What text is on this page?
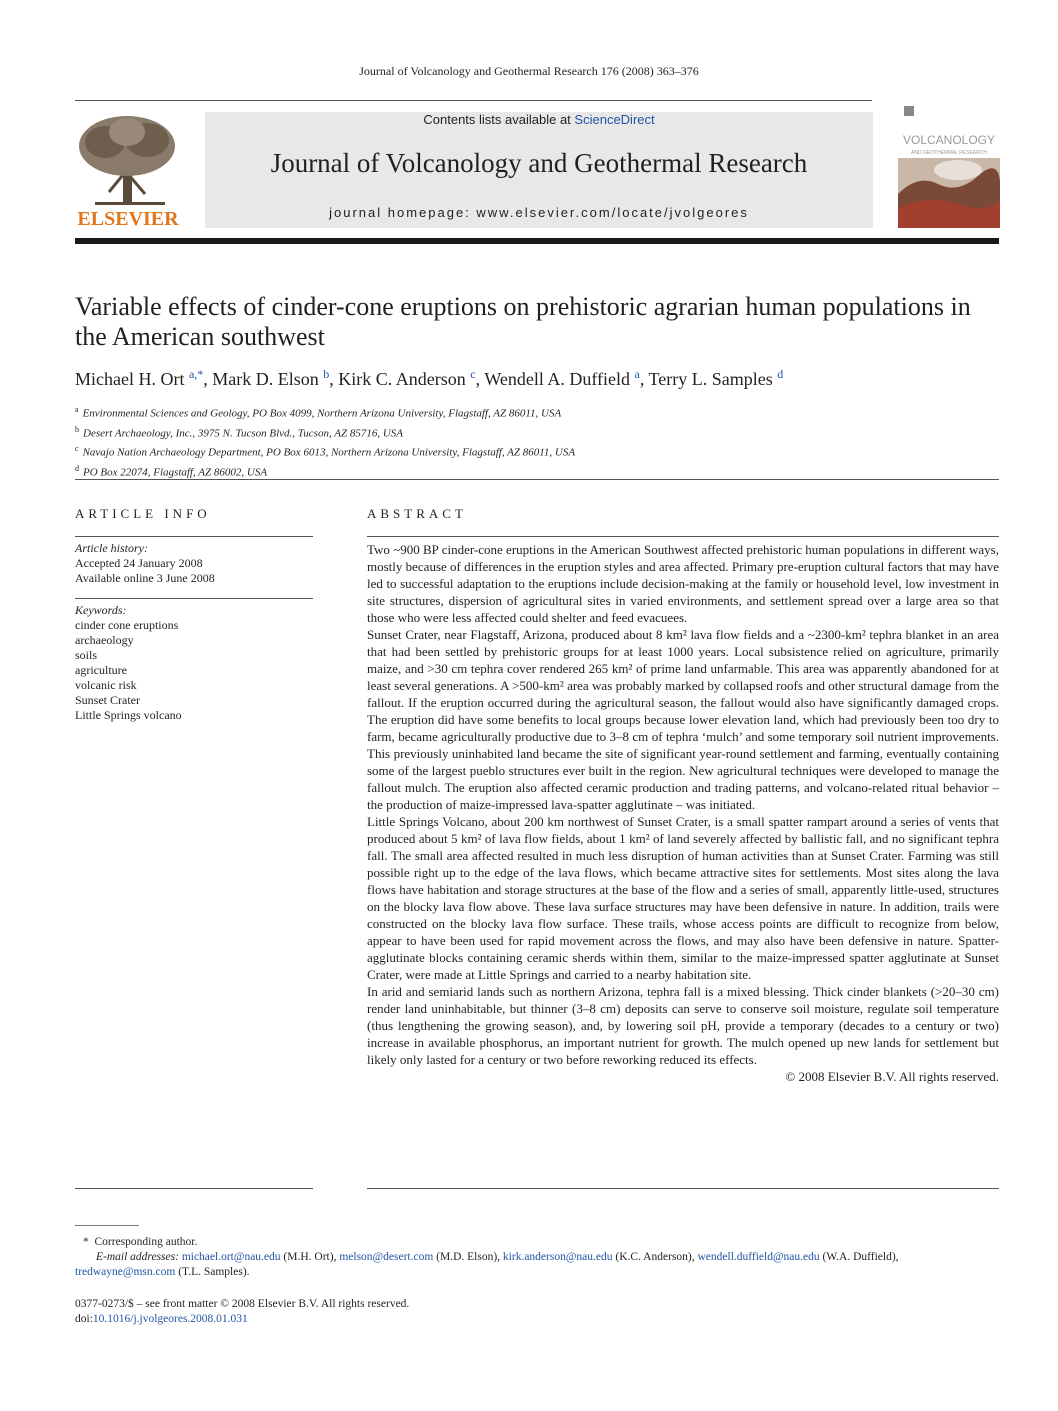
Journal of Volcanology and Geothermal Research 176 (2008) 363–376
ELSEVIER
Contents lists available at ScienceDirect
Journal of Volcanology and Geothermal Research
journal homepage: www.elsevier.com/locate/jvolgeores
VOLCANOLOGY
AND GEOTHERMAL RESEARCH
Variable effects of cinder-cone eruptions on prehistoric agrarian human populations in the American southwest
Michael H. Ort $^{a,*}$, Mark D. Elson $^b$, Kirk C. Anderson $^c$, Wendell A. Duffield $^a$, Terry L. Samples $^d$
$^a$ Environmental Sciences and Geology, PO Box 4099, Northern Arizona University, Flagstaff, AZ 86011, USA
$^b$ Desert Archaeology, Inc., 3975 N. Tucson Blvd., Tucson, AZ 85716, USA
$^c$ Navajo Nation Archaeology Department, PO Box 6013, Northern Arizona University, Flagstaff, AZ 86011, USA
$^d$ PO Box 22074, Flagstaff, AZ 86002, USA
ARTICLE INFO
Article history:
Accepted 24 January 2008
Available online 3 June 2008
Keywords:
cinder cone eruptions
archaeology
soils
agriculture
volcanic risk
Sunset Crater
Little Springs volcano
ABSTRACT

Two ~900 BP cinder-cone eruptions in the American Southwest affected prehistoric human populations in different ways, mostly because of differences in the eruption styles and area affected. Primary pre-eruption cultural factors that may have led to successful adaptation to the eruptions include decision-making at the family or household level, low investment in site structures, dispersion of agricultural sites in varied environments, and settlement spread over a large area so that those who were less affected could shelter and feed evacuees.

Sunset Crater, near Flagstaff, Arizona, produced about 8 km² lava flow fields and a ~2300-km² tephra blanket in an area that had been settled by prehistoric groups for at least 1000 years. Local subsistence relied on agriculture, primarily maize, and >30 cm tephra cover rendered 265 km² of prime land unfarmable. This area was apparently abandoned for at least several generations. A >500-km² area was probably marked by collapsed roofs and other structural damage from the fallout. If the eruption occurred during the agricultural season, the fallout would also have significantly damaged crops. The eruption did have some benefits to local groups because lower elevation land, which had previously been too dry to farm, became agriculturally productive due to 3–8 cm of tephra ‘mulch’ and some temporary soil nutrient improvements. This previously uninhabited land became the site of significant year-round settlement and farming, eventually containing some of the largest pueblo structures ever built in the region. New agricultural techniques were developed to manage the fallout mulch. The eruption also affected ceramic production and trading patterns, and volcano-related ritual behavior – the production of maize-impressed lava-spatter agglutinate – was initiated.

Little Springs Volcano, about 200 km northwest of Sunset Crater, is a small spatter rampart around a series of vents that produced about 5 km² of lava flow fields, about 1 km² of land severely affected by ballistic fall, and no significant tephra fall. The small area affected resulted in much less disruption of human activities than at Sunset Crater. Farming was still possible right up to the edge of the lava flows, which became attractive sites for settlements. Most sites along the lava flows have habitation and storage structures at the base of the flow and a series of small, apparently little-used, structures on the blocky lava flow above. These lava surface structures may have been defensive in nature. In addition, trails were constructed on the blocky lava flow surface. These trails, whose access points are difficult to recognize from below, appear to have been used for rapid movement across the flows, and may also have been defensive in nature. Spatter-agglutinate blocks containing ceramic sherds within them, similar to the maize-impressed spatter agglutinate at Sunset Crater, were made at Little Springs and carried to a nearby habitation site.

In arid and semiarid lands such as northern Arizona, tephra fall is a mixed blessing. Thick cinder blankets (>20–30 cm) render land uninhabitable, but thinner (3–8 cm) deposits can serve to conserve soil moisture, regulate soil temperature (thus lengthening the growing season), and, by lowering soil pH, provide a temporary (decades to a century or two) increase in available phosphorus, an important nutrient for growth. The mulch opened up new lands for settlement but likely only lasted for a century or two before reworking reduced its effects.

© 2008 Elsevier B.V. All rights reserved.

* Corresponding author.
E-mail addresses: michael.ort@nau.edu (M.H. Ort), melson@desert.com (M.D. Elson), kirk.anderson@nau.edu (K.C. Anderson), wendell.duffield@nau.edu (W.A. Duffield),
tredwayne@msn.com (T.L. Samples).
0377-0273/$ – see front matter © 2008 Elsevier B.V. All rights reserved.
doi:10.1016/j.jvolgeores.2008.01.031
